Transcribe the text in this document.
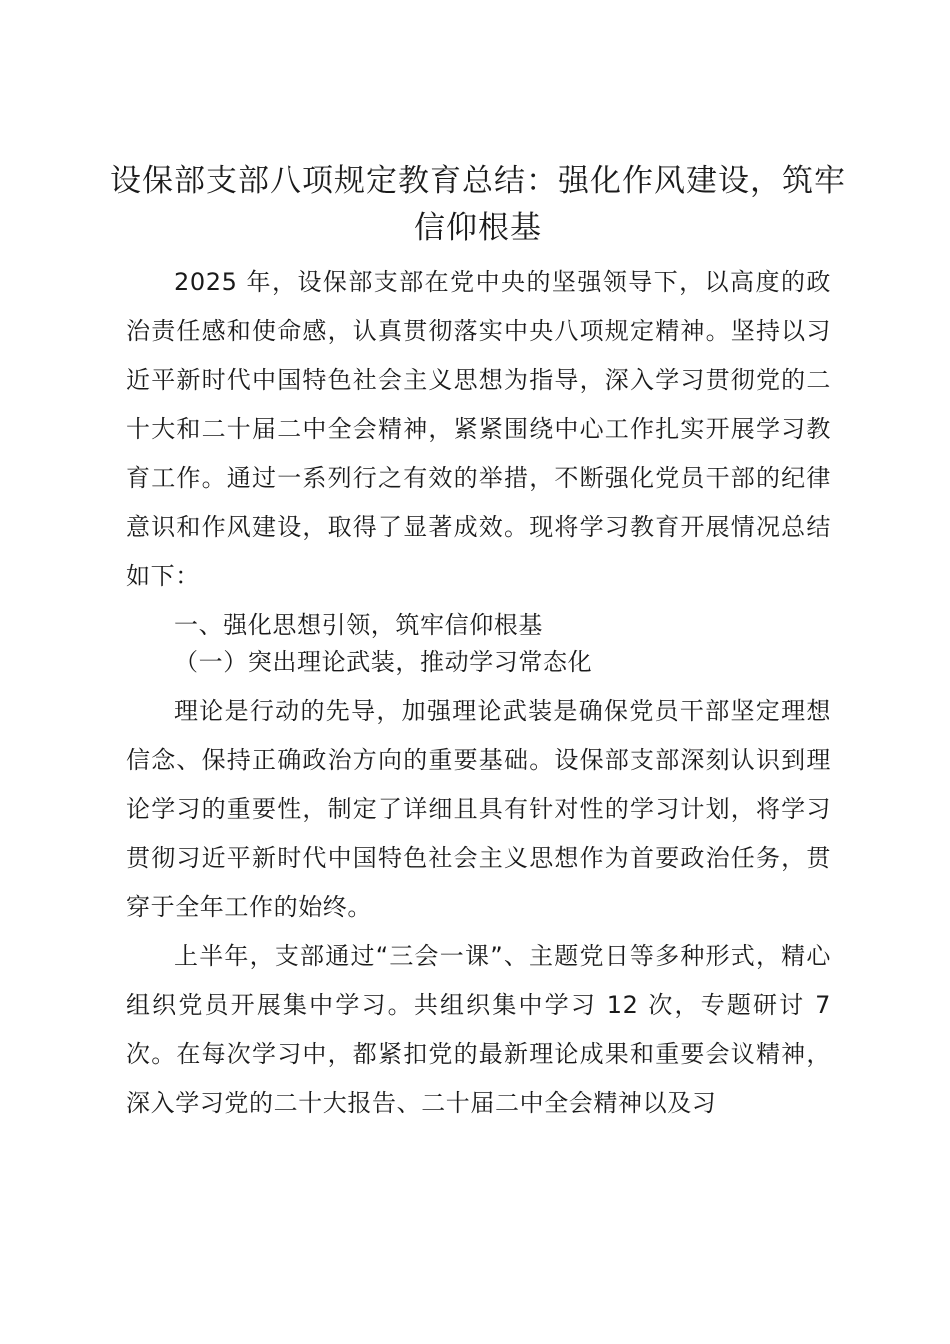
设保部支部八项规定教育总结：强化作风建设，筑牢信仰根基

2025 年，设保部支部在党中央的坚强领导下，以高度的政治责任感和使命感，认真贯彻落实中央八项规定精神。坚持以习近平新时代中国特色社会主义思想为指导，深入学习贯彻党的二十大和二十届二中全会精神，紧紧围绕中心工作扎实开展学习教育工作。通过一系列行之有效的举措，不断强化党员干部的纪律意识和作风建设，取得了显著成效。现将学习教育开展情况总结如下：

一、强化思想引领，筑牢信仰根基

（一）突出理论武装，推动学习常态化

理论是行动的先导，加强理论武装是确保党员干部坚定理想信念、保持正确政治方向的重要基础。设保部支部深刻认识到理论学习的重要性，制定了详细且具有针对性的学习计划，将学习贯彻习近平新时代中国特色社会主义思想作为首要政治任务，贯穿于全年工作的始终。

上半年，支部通过“三会一课”、主题党日等多种形式，精心组织党员开展集中学习。共组织集中学习 12 次，专题研讨 7 次。在每次学习中，都紧扣党的最新理论成果和重要会议精神，深入学习党的二十大报告、二十届二中全会精神以及习
